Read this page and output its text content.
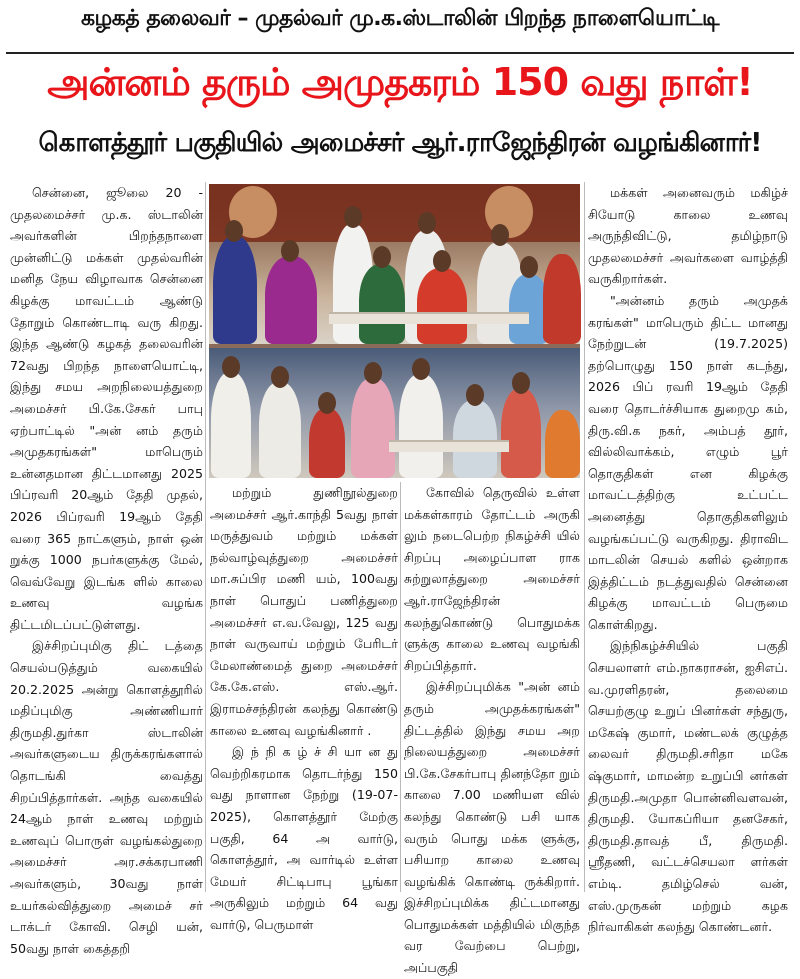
கழகத் தலைவர் – முதல்வர் மு.க.ஸ்டாலின் பிறந்த நாளையொட்டி
அன்னம் தரும் அமுதகரம் 150 வது நாள்!
கொளத்தூர் பகுதியில் அமைச்சர் ஆர்.ராஜேந்திரன் வழங்கினார்!

சென்னை, ஜூலை 20 - முதலமைச்சர் மு.க. ஸ்டாலின் அவர்களின் பிறந்தநாளை முன்னிட்டு மக்கள் முதல்வரின் மனித நேய விழாவாக சென்னை கிழக்கு மாவட்டம் ஆண்டு தோறும் கொண்டாடி வரு கிறது. இந்த ஆண்டு கழகத் தலைவரின் 72வது பிறந்த நாளையொட்டி, இந்து சமய அறநிலையத்துறை அமைச்சர் பி.கே.சேகர் பாபு ஏற்பாட்டில் "அன் னம் தரும் அமுதகரங்கள்" மாபெரும் உன்னதமான திட்டமானது 2025 பிப்ரவரி 20ஆம் தேதி முதல், 2026 பிப்ரவரி 19ஆம் தேதி வரை 365 நாட்களும், நாள் ஒன் றுக்கு 1000 நபர்களுக்கு மேல், வெவ்வேறு இடங்க ளில் காலை உணவு வழங்க திட்டமிடப்பட்டுள்ளது.

இச்சிறப்புமிகு திட் டத்தை செயல்படுத்தும் வகையில் 20.2.2025 அன்று கொளத்தூரில் மதிப்புமிகு அண்ணியார் திருமதி.துர்கா ஸ்டாலின் அவர்களுடைய திருக்கரங்களால் தொடங்கி வைத்து சிறப்பித்தார்கள். அந்த வகையில் 24ஆம் நாள் உணவு மற்றும் உணவுப் பொருள் வழங்கல்துறை அமைச்சர் அர.சக்கரபாணி அவர்களும், 30வது நாள் உயர்கல்வித்துறை அமைச் சர் டாக்டர் கோவி. செழி யன், 50வது நாள் கைத்தறி

மற்றும் துணிநூல்துறை அமைச்சர் ஆர்.காந்தி 5வது நாள் மருத்துவம் மற்றும் மக்கள் நல்வாழ்வுத்துறை அமைச்சர் மா.சுப்பிர மணி யம், 100வது நாள் பொதுப் பணித்துறை அமைச்சர் எ.வ.வேலு, 125 வது நாள் வருவாய் மற்றும் பேரிடர் மேலாண்மைத் துறை அமைச்சர் கே.கே.எஸ். எஸ்.ஆர். இராமச்சந்திரன் கலந்து கொண்டு காலை உணவு வழங்கினார் .

இ ந் நி க ழ் ச் சி யா ன து வெற்றிகரமாக தொடர்ந்து 150 வது நாளான நேற்று (19-07-2025), கொளத்தூர் மேற்கு பகுதி, 64 அ வார்டு, கொளத்தூர், அ வார்டில் உள்ள மேயர் சிட்டிபாபு பூங்கா அருகிலும் மற்றும் 64 வது வார்டு, பெருமாள்

கோவில் தெருவில் உள்ள மக்கள்காரம் தோட்டம் அருகி லும் நடைபெற்ற நிகழ்ச்சி யில் சிறப்பு அழைப்பாள ராக சுற்றுலாத்துறை அமைச்சர் ஆர்.ராஜேந்திரன் கலந்துகொண்டு பொதுமக்க ளுக்கு காலை உணவு வழங்கி சிறப்பித்தார்.

இச்சிறப்புமிக்க "அன் னம் தரும் அமுதக்கரங்கள்" திட்டத்தில் இந்து சமய அற நிலையத்துறை அமைச்சர் பி.கே.சேகர்பாபு தினந்தோ றும் காலை 7.00 மணியள வில் கலந்து கொண்டு பசி யாக வரும் பொது மக்க ளுக்கு, பசியாற காலை உணவு வழங்கிக் கொண்டி ருக்கிறார். இச்சிறப்புமிக்க திட்டமானது பொதுமக்கள் மத்தியில் மிகுந்த வர வேற்பை பெற்று, அப்பகுதி

மக்கள் அனைவரும் மகிழ்ச் சியோடு காலை உணவு அருந்திவிட்டு, தமிழ்நாடு முதலமைச்சர் அவர்களை வாழ்த்தி வருகிறார்கள்.

"அன்னம் தரும் அமுதக் கரங்கள்" மாபெரும் திட்ட மானது நேற்றுடன் (19.7.2025) தற்பொழுது 150 நாள் கடந்து, 2026 பிப் ரவரி 19ஆம் தேதி வரை தொடர்ச்சியாக துறைமு கம், திரு.வி.க நகர், அம்பத் தூர், வில்லிவாக்கம், எழும் பூர் தொகுதிகள் என கிழக்கு மாவட்டத்திற்கு உட்பட்ட அனைத்து தொகுதிகளிலும் வழங்கப்பட்டு வருகிறது. திராவிட மாடலின் செயல் களில் ஒன்றாக இத்திட்டம் நடத்துவதில் சென்னை கிழக்கு மாவட்டம் பெருமை கொள்கிறது.

இந்நிகழ்ச்சியில் பகுதி செயலாளர் எம்.நாகராசன், ஐசிஎப். வ.முரளிதரன், தலைமை செயற்குழு உறுப் பினர்கள் சந்துரு, மகேஷ் குமார், மண்டலக் குழுத்த லைவர் திருமதி.சரிதா மகே ஷ்குமார், மாமன்ற உறுப்பி னர்கள் திருமதி.அமுதா பொன்னிவளவன், திருமதி. யோகப்ரியா தனசேகர், திருமதி.தாவத் பீ, திருமதி. ஸ்ரீதணி, வட்டச்செயலா ளர்கள் எம்டி. தமிழ்செல் வன், எஸ்.முருகன் மற்றும் கழக நிர்வாகிகள் கலந்து கொண்டனர்.
